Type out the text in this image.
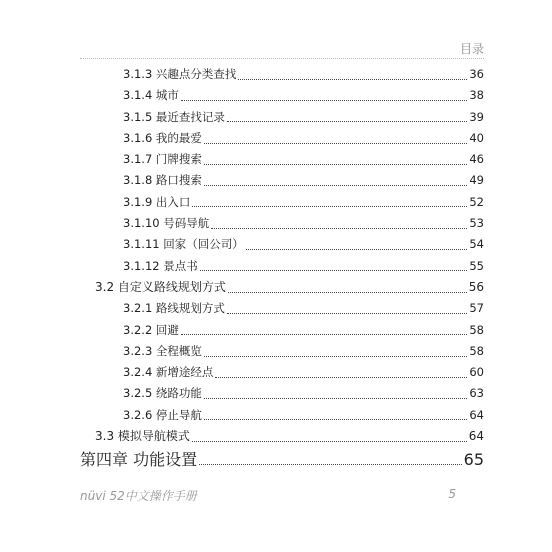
目录
3.1.3 兴趣点分类查找	36
3.1.4 城市	38
3.1.5 最近查找记录	39
3.1.6 我的最爱	40
3.1.7 门牌搜索	46
3.1.8 路口搜索	49
3.1.9 出入口	52
3.1.10 号码导航	53
3.1.11 回家（回公司）	54
3.1.12 景点书	55
3.2 自定义路线规划方式	56
3.2.1 路线规划方式	57
3.2.2 回避	58
3.2.3 全程概览	58
3.2.4 新增途经点	60
3.2.5 绕路功能	63
3.2.6 停止导航	64
3.3 模拟导航模式	64
第四章 功能设置	65
nüvi 52中文操作手册	5
